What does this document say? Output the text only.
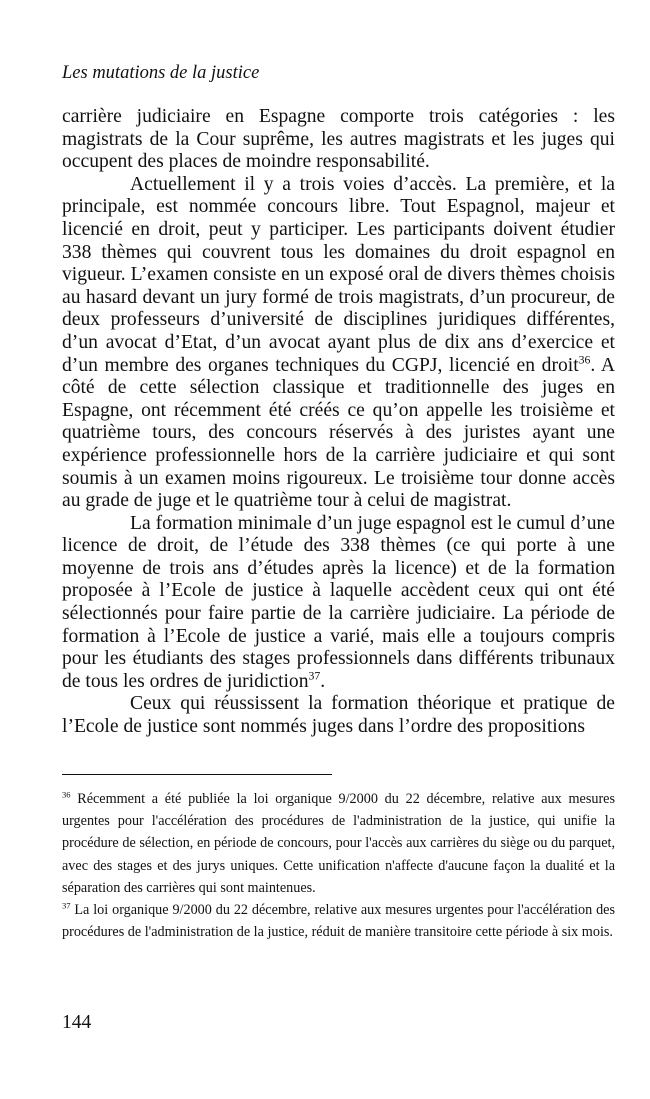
Les mutations de la justice

carrière judiciaire en Espagne comporte trois catégories : les magistrats de la Cour suprême, les autres magistrats et les juges qui occupent des places de moindre responsabilité.

Actuellement il y a trois voies d’accès. La première, et la principale, est nommée concours libre. Tout Espagnol, majeur et licencié en droit, peut y participer. Les participants doivent étudier 338 thèmes qui couvrent tous les domaines du droit espagnol en vigueur. L’examen consiste en un exposé oral de divers thèmes choisis au hasard devant un jury formé de trois magistrats, d’un procureur, de deux professeurs d’université de disciplines juridiques différentes, d’un avocat d’Etat, d’un avocat ayant plus de dix ans d’exercice et d’un membre des organes techniques du CGPJ, licencié en droit$^{36}$. A côté de cette sélection classique et traditionnelle des juges en Espagne, ont récemment été créés ce qu’on appelle les troisième et quatrième tours, des concours réservés à des juristes ayant une expérience professionnelle hors de la carrière judiciaire et qui sont soumis à un examen moins rigoureux. Le troisième tour donne accès au grade de juge et le quatrième tour à celui de magistrat.

La formation minimale d’un juge espagnol est le cumul d’une licence de droit, de l’étude des 338 thèmes (ce qui porte à une moyenne de trois ans d’études après la licence) et de la formation proposée à l’Ecole de justice à laquelle accèdent ceux qui ont été sélectionnés pour faire partie de la carrière judiciaire. La période de formation à l’Ecole de justice a varié, mais elle a toujours compris pour les étudiants des stages professionnels dans différents tribunaux de tous les ordres de juridiction$^{37}$.

Ceux qui réussissent la formation théorique et pratique de l’Ecole de justice sont nommés juges dans l’ordre des propositions

$^{36}$ Récemment a été publiée la loi organique 9/2000 du 22 décembre, relative aux mesures urgentes pour l'accélération des procédures de l'administration de la justice, qui unifie la procédure de sélection, en période de concours, pour l'accès aux carrières du siège ou du parquet, avec des stages et des jurys uniques. Cette unification n'affecte d'aucune façon la dualité et la séparation des carrières qui sont maintenues.

$^{37}$ La loi organique 9/2000 du 22 décembre, relative aux mesures urgentes pour l'accélération des procédures de l'administration de la justice, réduit de manière transitoire cette période à six mois.

144
